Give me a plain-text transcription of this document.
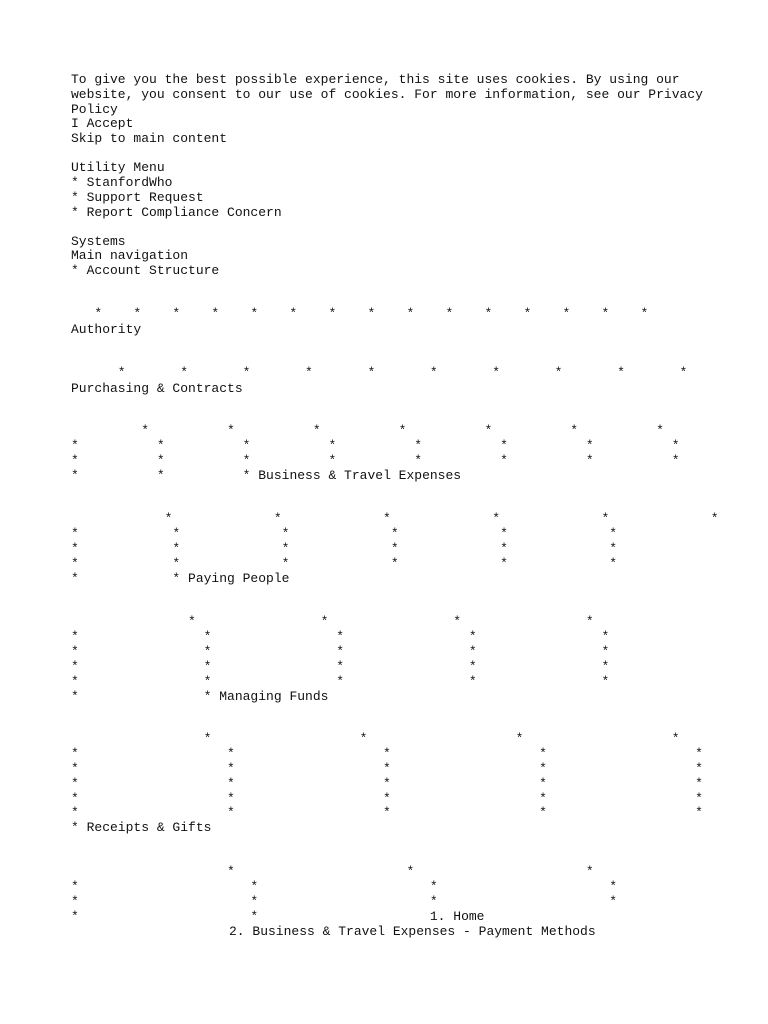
To give you the best possible experience, this site uses cookies. By using our

website, you consent to our use of cookies. For more information, see our Privacy

Policy

I Accept

Skip to main content

Utility Menu

* StanfordWho

* Support Request

* Report Compliance Concern

Systems

Main navigation

* Account Structure

*    *    *    *    *    *    *    *    *    *    *    *    *    *    *

Authority

*       *       *       *       *       *       *       *       *       *

Purchasing & Contracts

*          *          *          *          *          *          *

*          *          *          *          *          *          *          *

*          *          *          *          *          *          *          *

*          *          * Business & Travel Expenses

*             *             *             *             *             *

*            *             *             *             *             *

*            *             *             *             *             *

*            *             *             *             *             *

*            * Paying People

*                *                *                *

*                *                *                *                *

*                *                *                *                *

*                *                *                *                *

*                *                *                *                *

*                * Managing Funds

*                   *                   *                   *

*                   *                   *                   *                   *

*                   *                   *                   *                   *

*                   *                   *                   *                   *

*                   *                   *                   *                   *

*                   *                   *                   *                   *

* Receipts & Gifts

*                      *                      *

*                      *                      *                      *

*                      *                      *                      *

*                      *                      1. Home

2. Business & Travel Expenses - Payment Methods
